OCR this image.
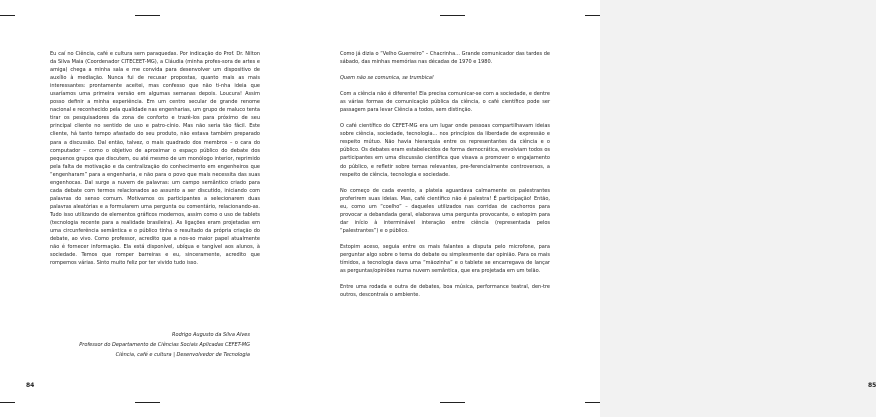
Eu caí no Ciência, café e cultura sem paraquedas. Por indicação do Prof. Dr. Nilton da Silva Maia (Coordenador CITECEET-MG), a Cláudia (minha profes-sora de artes e amiga) chega a minha sala e me convida para desenvolver um dispositivo de auxílio à mediação. Nunca fui de recusar propostas, quanto mais as mais interessantes: prontamente aceitei, mas confesso que não ti-nha ideia que usaríamos uma primeira versão em algumas semanas depois. Loucura! Assim posso definir a minha experiência. Em um centro secular de grande renome nacional e reconhecido pela qualidade nas engenharias, um grupo de maluco tenta tirar os pesquisadores da zona de conforto e trazê-los para próximo de seu principal cliente no sentido de uso e patro-cínio. Mas não seria tão fácil. Este cliente, há tanto tempo afastado do seu produto, não estava também preparado para a discussão. Dal então, talvez, o mais quadrado dos membros – o cara do computador – como o objetivo de aproximar o espaço público do debate dos pequenos grupos que discutem, ou até mesmo de um monólogo interior, reprimido pela falta de motivação e da centralização do conhecimento em engenheiros que “engenharam” para a engenharia, e não para o povo que mais necessita das suas engenhocas. Dal surge a nuvem de palavras: um campo semântico criado para cada debate com termos relacionados ao assunto a ser discutido, iniciando com palavras do senso comum. Motivamos os participantes a selecionarem duas palavras aleatórias e a formularem uma pergunta ou comentário, relacionando-as. Tudo isso utilizando de elementos gráficos modernos, assim como o uso de tablets (tecnologia recente para a realidade brasileira). As ligações eram projetadas em uma circunferência semântica e o público tinha o resultado da própria criação do debate, ao vivo. Como professor, acredito que a nos-so maior papel atualmente não é fornecer informação. Ela está disponível, ubíqua e tangível aos alunos, à sociedade. Temos que romper barreiras e eu, sinceramente, acredito que rompemos várias. Sinto muito feliz por ter vivido tudo isso.

Rodrigo Augusto da Silva Alves
Professor do Departamento de Ciências Sociais Aplicadas CEFET-MG
Ciência, café e cultura | Desenvolvedor de Tecnologia
84

Como já dizia o “Velho Guerreiro” – Chacrinha... Grande comunicador das tardes de sábado, das minhas memórias nas décadas de 1970 e 1980.

Quem não se comunica, se trumbica!

Com a ciência não é diferente! Ela precisa comunicar-se com a sociedade, e dentre as várias formas de comunicação pública da ciência, o café científico pode ser passagem para levar Ciência a todos, sem distinção.

O café científico do CEFET-MG era um lugar onde pessoas compartilhavam ideias sobre ciência, sociedade, tecnologia... nos princípios da liberdade de expressão e respeito mútuo. Não havia hierarquia entre os representantes da ciência e o público. Os debates eram estabelecidos de forma democrática, envolviam todos os participantes em uma discussão científica que visava a promover o engajamento do público, e refletir sobre temas relevantes, pre-ferencialmente controversos, a respeito de ciência, tecnologia e sociedade.

No começo de cada evento, a plateia aguardava calmamente os palestrantes proferirem suas ideias. Mas, café científico não é palestra! É participação! Então, eu, como um “coelho” – daqueles utilizados nas corridas de cachorros para provocar a debandada geral, elaborava uma pergunta provocante, o estopim para dar início à interminável interação entre ciência (representada pelos “palestrantes”) e o público.

Estopim aceso, seguia entre os mais falantes a disputa pelo microfone, para perguntar algo sobre o tema do debate ou simplesmente dar opinião. Para os mais tímidos, a tecnologia dava uma “mãozinha” e o tablete se encarregava de lançar as perguntas/opiniões numa nuvem semântica, que era projetada em um telão.

Entre uma rodada e outra de debates, boa música, performance teatral, den-tre outros, descontraía o ambiente.

85
